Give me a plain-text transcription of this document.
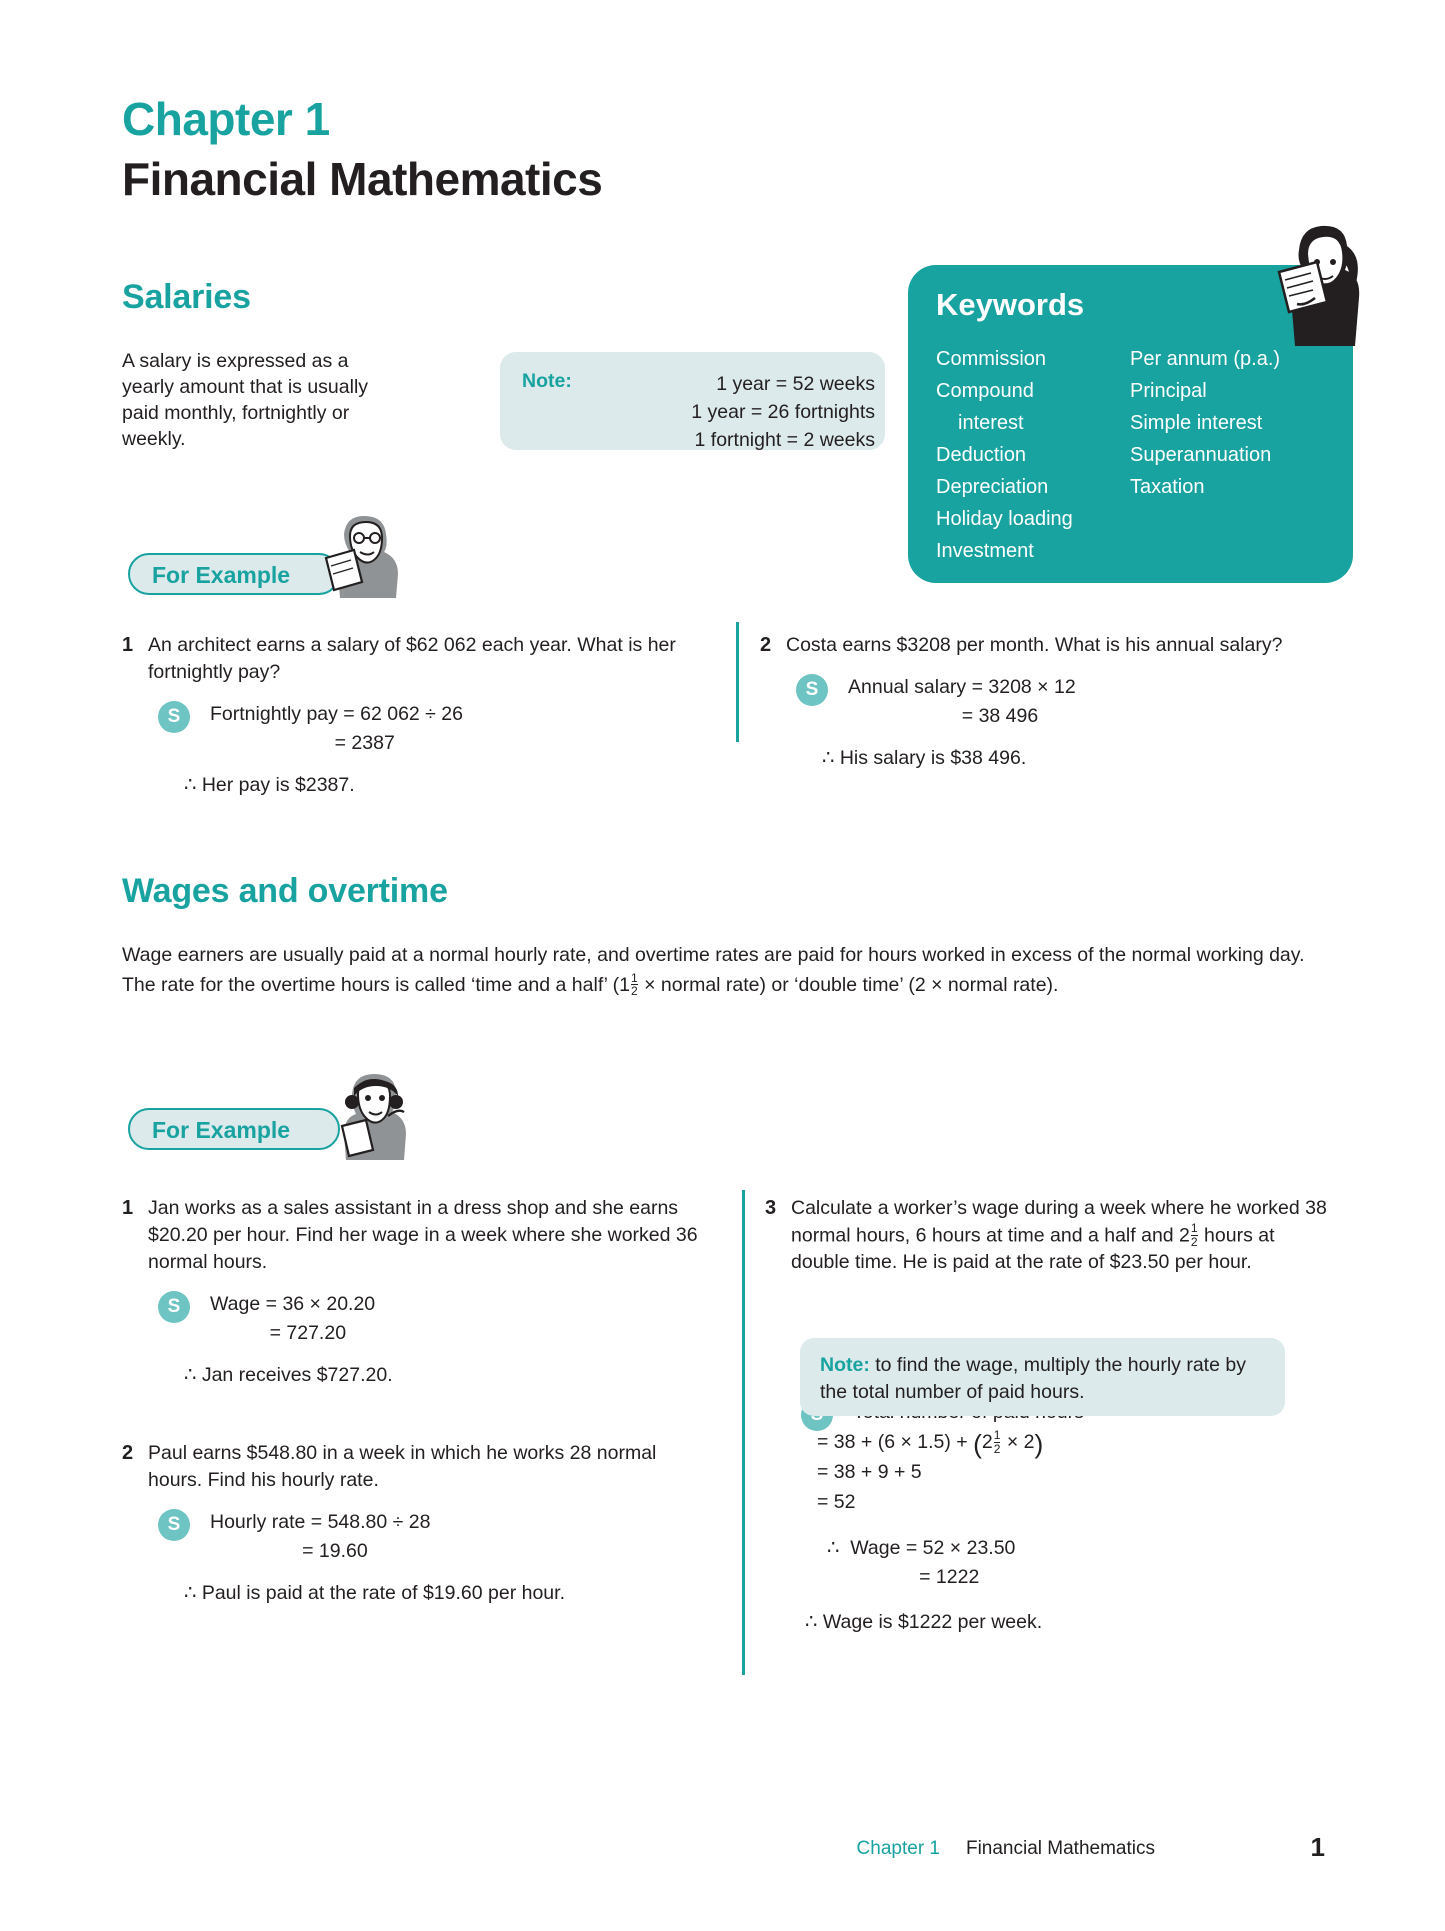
Chapter 1
Financial Mathematics
Salaries
A salary is expressed as a yearly amount that is usually paid monthly, fortnightly or weekly.
Note:	1 year = 52 weeks
1 year = 26 fortnights
1 fortnight = 2 weeks
Keywords
Commission
Compound
interest
Deduction
Depreciation
Holiday loading
Investment
Per annum (p.a.)
Principal
Simple interest
Superannuation
Taxation
For Example
1 An architect earns a salary of $62 062 each year. What is her fortnightly pay?
S	Fortnightly pay = 62 062 ÷ 26
= 2387
∴ Her pay is $2387.
2 Costa earns $3208 per month. What is his annual salary?
S	Annual salary = 3208 × 12
= 38 496
∴ His salary is $38 496.
Wages and overtime
Wage earners are usually paid at a normal hourly rate, and overtime rates are paid for hours worked in excess of the normal working day. The rate for the overtime hours is called ‘time and a half’ ($1 \frac{1}{2}$ × normal rate) or ‘double time’ (2 × normal rate).
For Example
1 Jan works as a sales assistant in a dress shop and she earns $20.20 per hour. Find her wage in a week where she worked 36 normal hours.
S	Wage = 36 × 20.20
= 727.20
∴ Jan receives $727.20.
2 Paul earns $548.80 in a week in which he works 28 normal hours. Find his hourly rate.
S	Hourly rate = 548.80 ÷ 28
= 19.60
∴ Paul is paid at the rate of $19.60 per hour.
3 Calculate a worker’s wage during a week where he worked 38 normal hours, 6 hours at time and a half and $2 \frac{1}{2}$ hours at double time. He is paid at the rate of $23.50 per hour.
= $38 + (6 \times 1.5) + (2 \frac{1}{2} \times 2)$
= 38 + 9 + 5
= 52
∴  Wage = 52 × 23.50
= 1222
∴ Wage is $1222 per week.
Note: to find the wage, multiply the hourly rate by the total number of paid hours.
Chapter 1 Financial Mathematics	1
